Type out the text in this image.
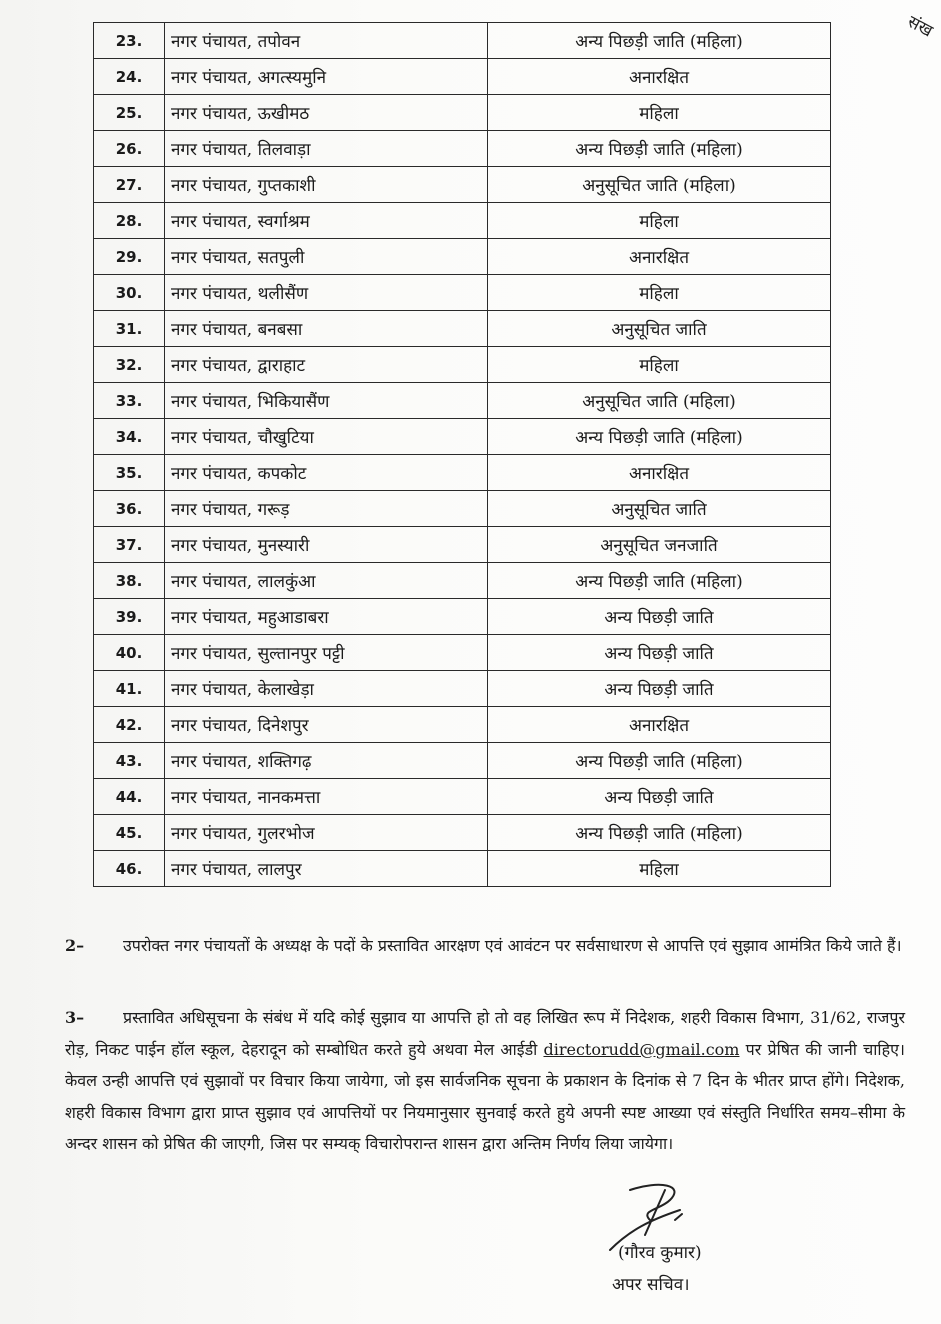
संख
23.	नगर पंचायत, तपोवन	अन्य पिछड़ी जाति (महिला)
24.	नगर पंचायत, अगत्स्यमुनि	अनारक्षित
25.	नगर पंचायत, ऊखीमठ	महिला
26.	नगर पंचायत, तिलवाड़ा	अन्य पिछड़ी जाति (महिला)
27.	नगर पंचायत, गुप्तकाशी	अनुसूचित जाति (महिला)
28.	नगर पंचायत, स्वर्गाश्रम	महिला
29.	नगर पंचायत, सतपुली	अनारक्षित
30.	नगर पंचायत, थलीसैंण	महिला
31.	नगर पंचायत, बनबसा	अनुसूचित जाति
32.	नगर पंचायत, द्वाराहाट	महिला
33.	नगर पंचायत, भिकियासैंण	अनुसूचित जाति (महिला)
34.	नगर पंचायत, चौखुटिया	अन्य पिछड़ी जाति (महिला)
35.	नगर पंचायत, कपकोट	अनारक्षित
36.	नगर पंचायत, गरूड़	अनुसूचित जाति
37.	नगर पंचायत, मुनस्यारी	अनुसूचित जनजाति
38.	नगर पंचायत, लालकुंआ	अन्य पिछड़ी जाति (महिला)
39.	नगर पंचायत, महुआडाबरा	अन्य पिछड़ी जाति
40.	नगर पंचायत, सुल्तानपुर पट्टी	अन्य पिछड़ी जाति
41.	नगर पंचायत, केलाखेड़ा	अन्य पिछड़ी जाति
42.	नगर पंचायत, दिनेशपुर	अनारक्षित
43.	नगर पंचायत, शक्तिगढ़	अन्य पिछड़ी जाति (महिला)
44.	नगर पंचायत, नानकमत्ता	अन्य पिछड़ी जाति
45.	नगर पंचायत, गुलरभोज	अन्य पिछड़ी जाति (महिला)
46.	नगर पंचायत, लालपुर	महिला
2– उपरोक्त नगर पंचायतों के अध्यक्ष के पदों के प्रस्तावित आरक्षण एवं आवंटन पर सर्वसाधारण से आपत्ति एवं सुझाव आमंत्रित किये जाते हैं।
3– प्रस्तावित अधिसूचना के संबंध में यदि कोई सुझाव या आपत्ति हो तो वह लिखित रूप में निदेशक, शहरी विकास विभाग, 31/62, राजपुर रोड़, निकट पाईन हॉल स्कूल, देहरादून को सम्बोधित करते हुये अथवा मेल आईडी directorudd@gmail.com पर प्रेषित की जानी चाहिए। केवल उन्ही आपत्ति एवं सुझावों पर विचार किया जायेगा, जो इस सार्वजनिक सूचना के प्रकाशन के दिनांक से 7 दिन के भीतर प्राप्त होंगे। निदेशक, शहरी विकास विभाग द्वारा प्राप्त सुझाव एवं आपत्तियों पर नियमानुसार सुनवाई करते हुये अपनी स्पष्ट आख्या एवं संस्तुति निर्धारित समय–सीमा के अन्दर शासन को प्रेषित की जाएगी, जिस पर सम्यक् विचारोपरान्त शासन द्वारा अन्तिम निर्णय लिया जायेगा।
(गौरव कुमार)
अपर सचिव।
